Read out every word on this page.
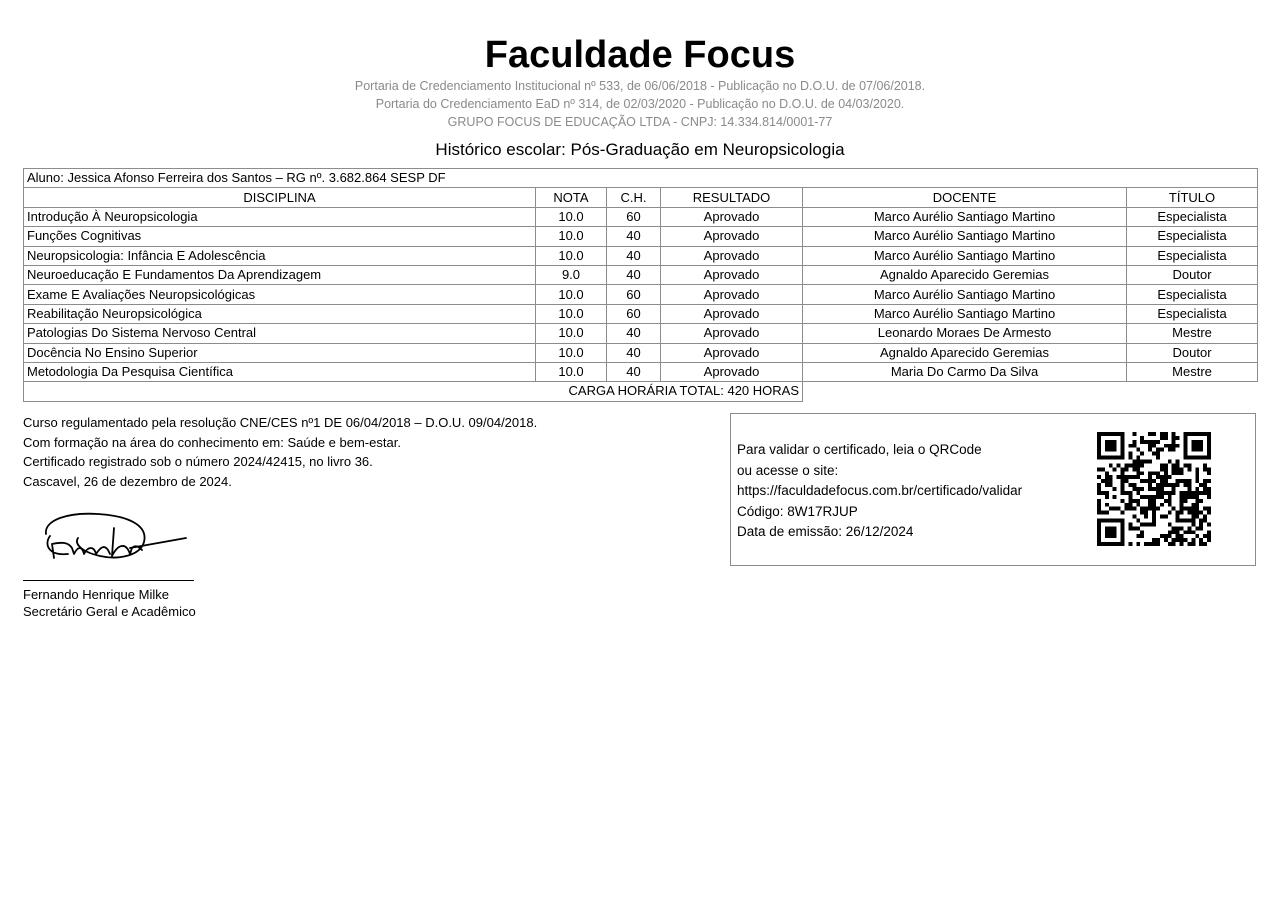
Faculdade Focus
Portaria de Credenciamento Institucional nº 533, de 06/06/2018 - Publicação no D.O.U. de 07/06/2018.
Portaria do Credenciamento EaD nº 314, de 02/03/2020 - Publicação no D.O.U. de 04/03/2020.
GRUPO FOCUS DE EDUCAÇÃO LTDA - CNPJ: 14.334.814/0001-77
Histórico escolar: Pós-Graduação em Neuropsicologia
Aluno: Jessica Afonso Ferreira dos Santos – RG nº. 3.682.864 SESP DF					
DISCIPLINA	NOTA	C.H.	RESULTADO	DOCENTE	TÍTULO
Introdução À Neuropsicologia	10.0	60	Aprovado	Marco Aurélio Santiago Martino	Especialista
Funções Cognitivas	10.0	40	Aprovado	Marco Aurélio Santiago Martino	Especialista
Neuropsicologia: Infância E Adolescência	10.0	40	Aprovado	Marco Aurélio Santiago Martino	Especialista
Neuroeducação E Fundamentos Da Aprendizagem	9.0	40	Aprovado	Agnaldo Aparecido Geremias	Doutor
Exame E Avaliações Neuropsicológicas	10.0	60	Aprovado	Marco Aurélio Santiago Martino	Especialista
Reabilitação Neuropsicológica	10.0	60	Aprovado	Marco Aurélio Santiago Martino	Especialista
Patologias Do Sistema Nervoso Central	10.0	40	Aprovado	Leonardo Moraes De Armesto	Mestre
Docência No Ensino Superior	10.0	40	Aprovado	Agnaldo Aparecido Geremias	Doutor
Metodologia Da Pesquisa Científica	10.0	40	Aprovado	Maria Do Carmo Da Silva	Mestre
CARGA HORÁRIA TOTAL: 420 HORAS					
Curso regulamentado pela resolução CNE/CES nº1 DE 06/04/2018 – D.O.U. 09/04/2018.
Com formação na área do conhecimento em: Saúde e bem-estar.
Certificado registrado sob o número 2024/42415, no livro 36.
Cascavel, 26 de dezembro de 2024.
Fernando Henrique Milke
Secretário Geral e Acadêmico
Para validar o certificado, leia o QRCode
ou acesse o site:
https://faculdadefocus.com.br/certificado/validar
Código: 8W17RJUP
Data de emissão: 26/12/2024
